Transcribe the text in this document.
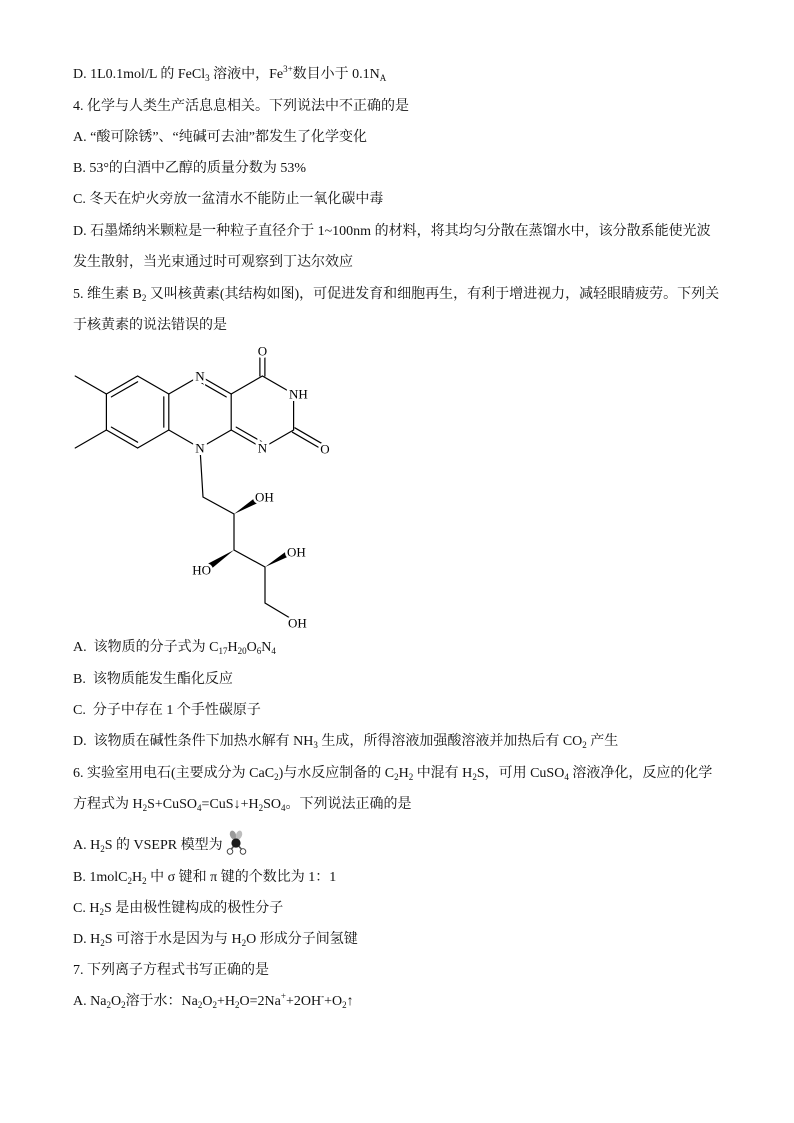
D. 1L0.1mol/L 的 FeCl$_3$ 溶液中，$Fe^{3+}$数目小于 $0.1N_A$
4. 化学与人类生产活息息相关。下列说法中不正确的是
A. “酸可除锈”、“纯碱可去油”都发生了化学变化
B. 53°的白酒中乙醇的质量分数为 53%
C. 冬天在炉火旁放一盆清水不能防止一氧化碳中毒
D. 石墨烯纳米颗粒是一种粒子直径介于 1~100nm 的材料，将其均匀分散在蒸馏水中，该分散系能使光波
发生散射，当光束通过时可观察到丁达尔效应
5. 维生素 $B_2$ 又叫核黄素(其结构如图)，可促进发育和细胞再生，有利于增进视力，减轻眼睛疲劳。下列关
于核黄素的说法错误的是
O
N
NH
N	O
N
OH
HO
OH
OH
A.  该物质的分子式为 $C_{17}H_{20}O_6N_4$
B.  该物质能发生酯化反应
C.  分子中存在 1 个手性碳原子
D.  该物质在碱性条件下加热水解有 $NH_3$ 生成，所得溶液加强酸溶液并加热后有 $CO_2$ 产生
6. 实验室用电石(主要成分为 CaC$_2$)与水反应制备的 $C_2H_2$ 中混有 $H_2S$，可用 CuSO$_4$ 溶液净化，反应的化学
方程式为 $H_2S+CuSO_4=CuS↓+H_2SO_4$。下列说法正确的是
A. $H_2S$ 的 VSEPR 模型为
B. $1molC_2H_2$ 中 σ 键和 π 键的个数比为 1：1
C. $H_2S$ 是由极性键构成的极性分子
D. $H_2S$ 可溶于水是因为与 $H_2O$ 形成分子间氢键
7. 下列离子方程式书写正确的是
A. $Na_2O_2$溶于水：$Na_2O_2+H_2O=2Na^++2OH^-+O_2↑$
